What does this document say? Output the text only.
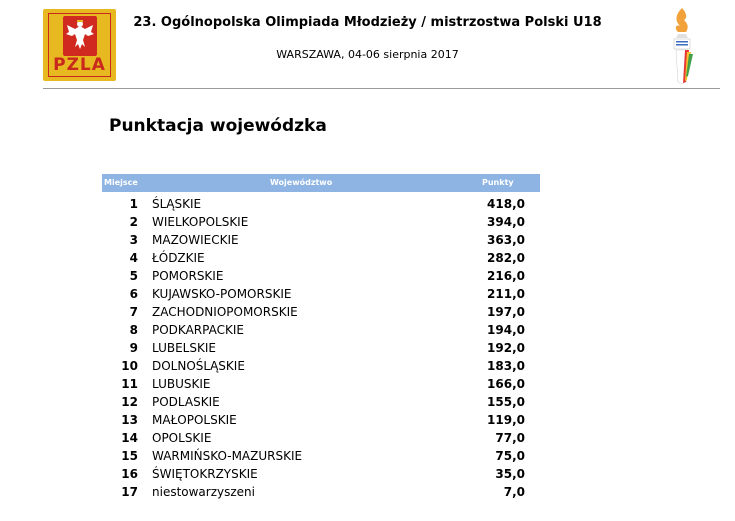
PZLA
23. Ogólnopolska Olimpiada Młodzieży / mistrzostwa Polski U18
WARSZAWA, 04-06 sierpnia 2017
Punktacja wojewódzka
Miejsce	Województwo	Punkty
1 ŚLĄSKIE	418,0
2 WIELKOPOLSKIE	394,0
3 MAZOWIECKIE	363,0
4 ŁÓDZKIE	282,0
5 POMORSKIE	216,0
6 KUJAWSKO-POMORSKIE	211,0
7 ZACHODNIOPOMORSKIE	197,0
8 PODKARPACKIE	194,0
9 LUBELSKIE	192,0
10 DOLNOŚLĄSKIE	183,0
11 LUBUSKIE	166,0
12 PODLASKIE	155,0
13 MAŁOPOLSKIE	119,0
14 OPOLSKIE	77,0
15 WARMIŃSKO-MAZURSKIE	75,0
16 ŚWIĘTOKRZYSKIE	35,0
17 niestowarzyszeni	7,0
